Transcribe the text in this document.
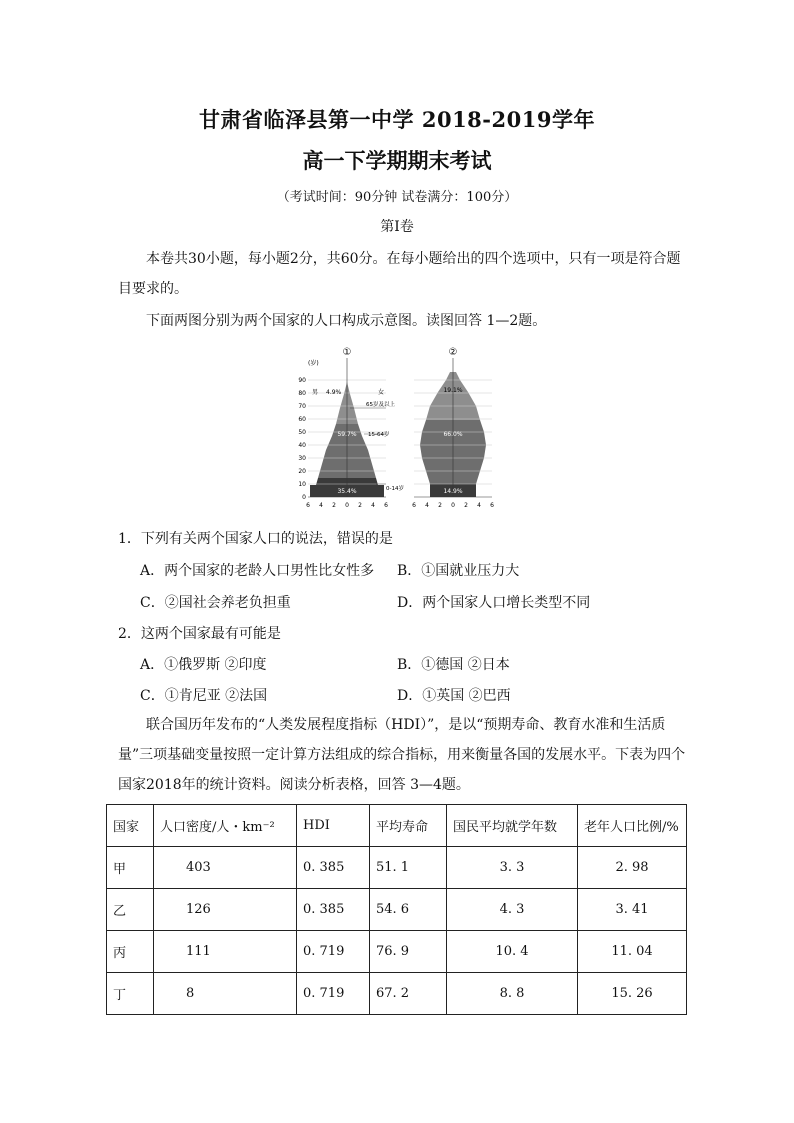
甘肃省临泽县第一中学 2018-2019学年
高一下学期期末考试
（考试时间：90分钟 试卷满分：100分）
第Ⅰ卷
本卷共30小题，每小题2分，共60分。在每小题给出的四个选项中，只有一项是符合题目要求的。
下面两图分别为两个国家的人口构成示意图。读图回答 1—2题。
①	②
(岁)
0
10
20
30
40
50
60
70
80
90
男	女
4.9%
59.7%
35.4%
65岁及以上
15-64岁
0-14岁
6 4 2 0 2 4 6
19.1%
66.0%
14.9%
6 4 2 0 2 4 6
1．下列有关两个国家人口的说法，错误的是
A．两个国家的老龄人口男性比女性多 B．①国就业压力大
C．②国社会养老负担重	D．两个国家人口增长类型不同
2．这两个国家最有可能是
A．①俄罗斯 ②印度	B．①德国 ②日本
C．①肯尼亚 ②法国	D．①英国 ②巴西
联合国历年发布的“人类发展程度指标（HDI）”，是以“预期寿命、教育水准和生活质量”三项基础变量按照一定计算方法组成的综合指标，用来衡量各国的发展水平。下表为四个国家2018年的统计资料。阅读分析表格，回答 3—4题。
国家	人口密度/人・km⁻²	HDI	平均寿命	国民平均就学年数	老年人口比例/%
甲	403	0. 385	51. 1	3. 3	2. 98
乙	126	0. 385	54. 6	4. 3	3. 41
丙	111	0. 719	76. 9	10. 4	11. 04
丁	8	0. 719	67. 2	8. 8	15. 26
